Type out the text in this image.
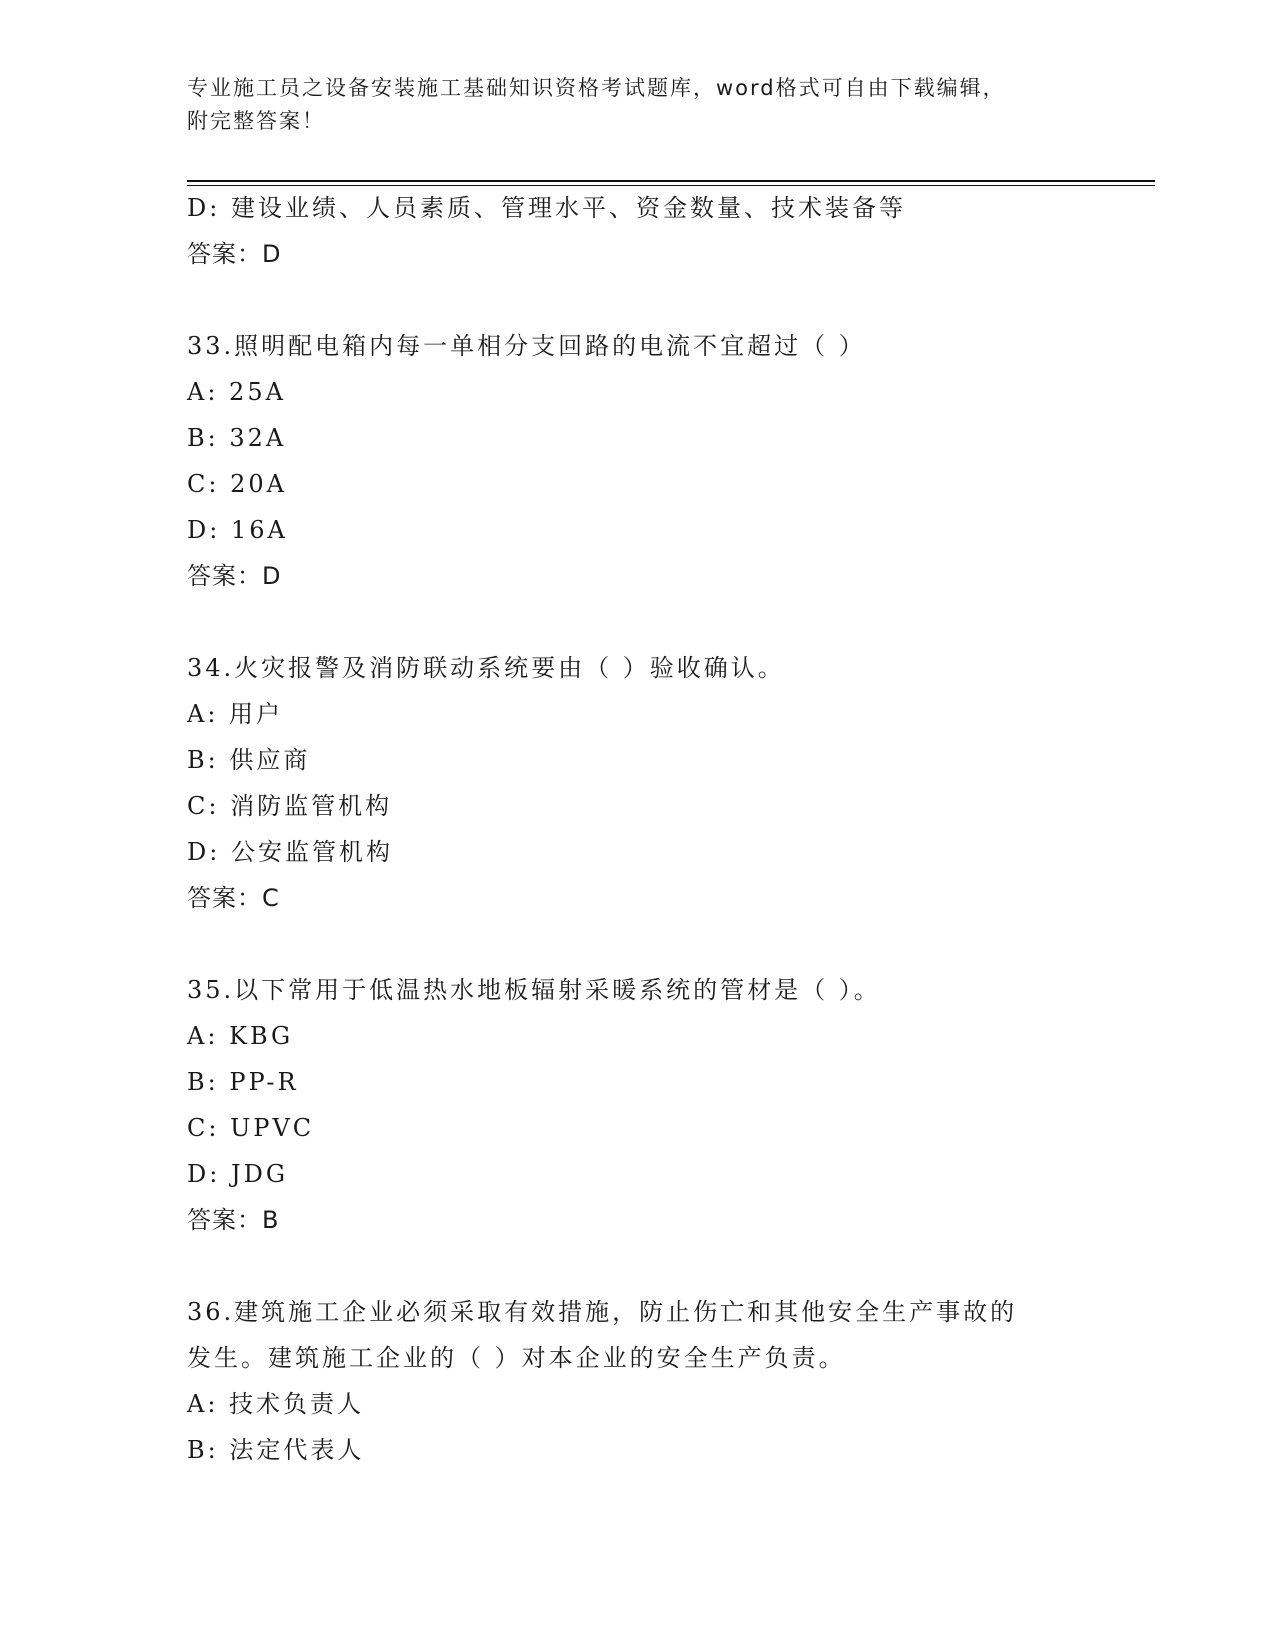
专业施工员之设备安装施工基础知识资格考试题库，word格式可自由下载编辑，
附完整答案！
D: 建设业绩、人员素质、管理水平、资金数量、技术装备等
答案：D
33.照明配电箱内每一单相分支回路的电流不宜超过（ ）
A: 25A
B: 32A
C: 20A
D: 16A
答案：D
34.火灾报警及消防联动系统要由（ ）验收确认。
A: 用户
B: 供应商
C: 消防监管机构
D: 公安监管机构
答案：C
35.以下常用于低温热水地板辐射采暖系统的管材是（ ）。
A: KBG
B: PP-R
C: UPVC
D: JDG
答案：B
36.建筑施工企业必须采取有效措施，防止伤亡和其他安全生产事故的
发生。建筑施工企业的（ ）对本企业的安全生产负责。
A: 技术负责人
B: 法定代表人
